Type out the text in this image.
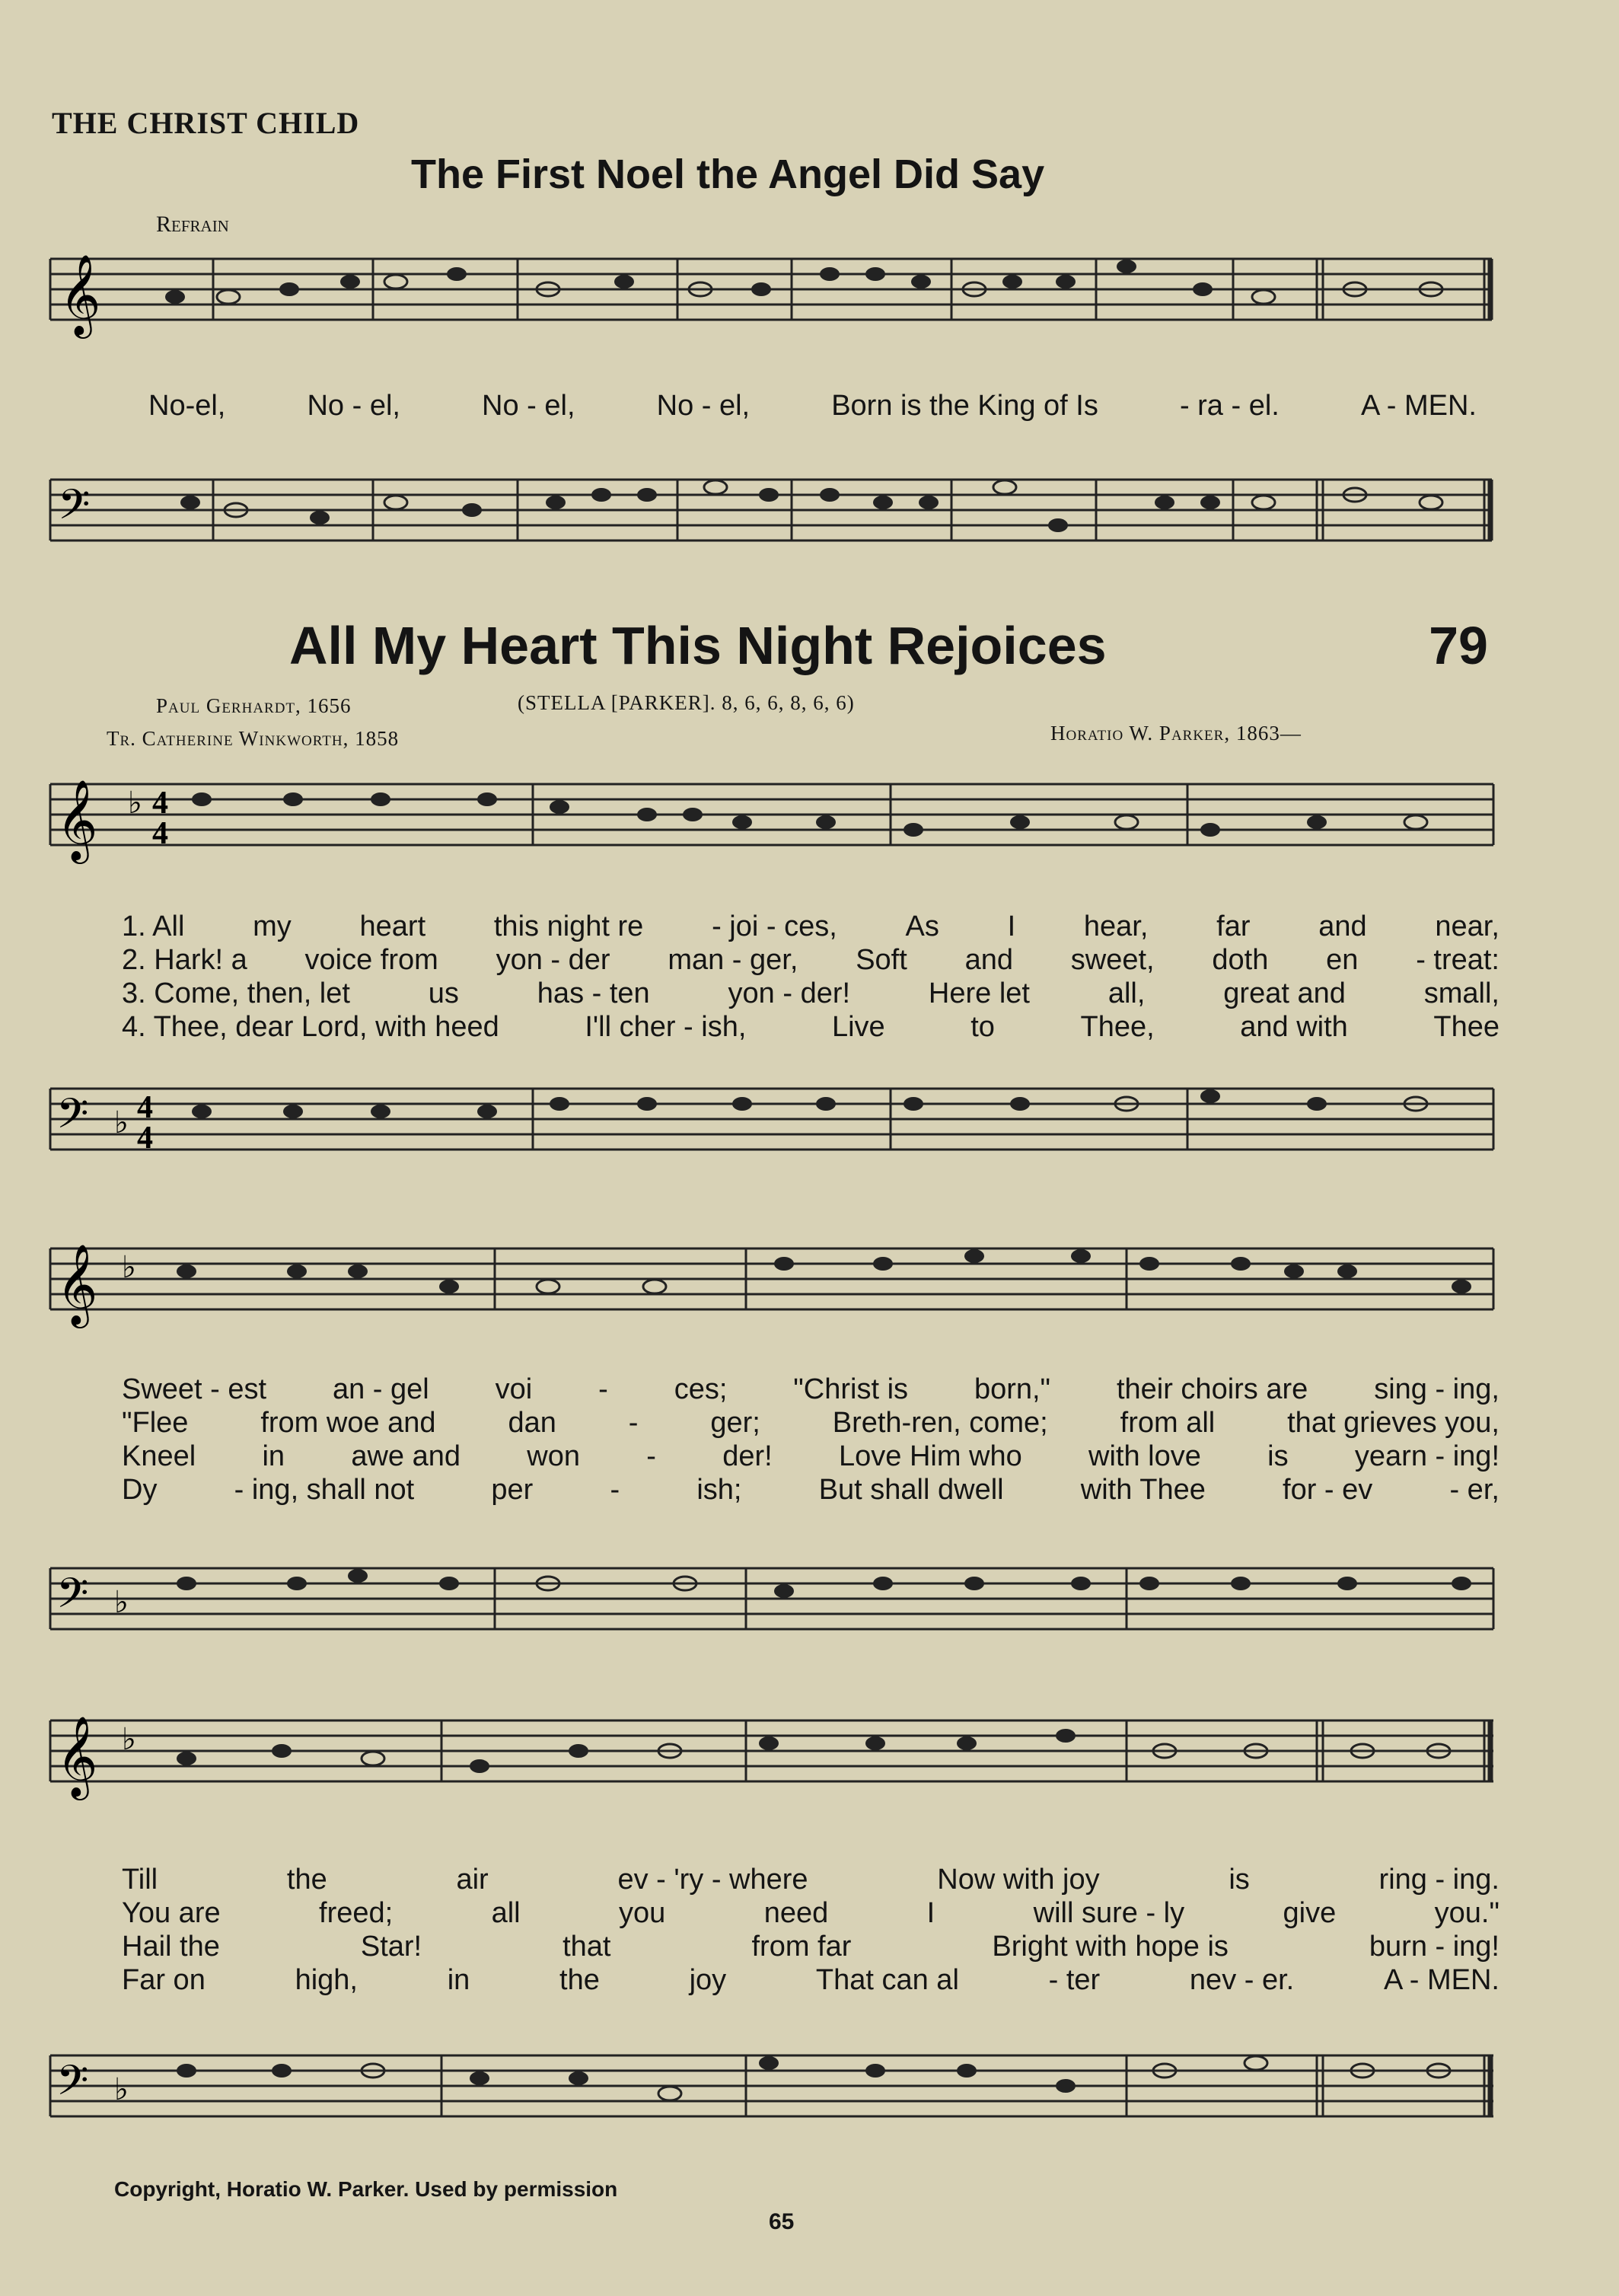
THE CHRIST CHILD
The First Noel the Angel Did Say
Refrain
𝄞
No-el,	No - el,	No - el,	No - el,	Born is the King of Is	- ra - el.	A - MEN.
𝄢
All My Heart This Night Rejoices	79
Paul Gerhardt, 1656	(STELLA [PARKER]. 8, 6, 6, 8, 6, 6)
Tr. Catherine Winkworth, 1858	Horatio W. Parker, 1863—
𝄞 ♭ 4
4
1. All my heart this night re - joi - ces, As I hear, far and near,
2. Hark! a voice from yon - der man - ger, Soft and sweet, doth en - treat:
3. Come, then, let	us	has - ten	yon - der!	Here let	all,	great and	small,
4. Thee, dear Lord, with heed	I'll cher - ish,	Live	to	Thee,	and with	Thee
𝄢 ♭ 4
4
𝄞 ♭
Sweet - est an - gel voi - ces; "Christ is born," their choirs are sing - ing,
"Flee from woe and dan - ger; Breth-ren, come; from all that grieves you,
Kneel in awe and won - der! Love Him who with love is yearn - ing!
Dy	- ing, shall not	per	-	ish;	But shall dwell	with Thee	for - ev	- er,
𝄢 ♭
𝄞 ♭
Till	the	air	ev - 'ry - where	Now with joy	is	ring - ing.
You are	freed;	all	you	need	I	will sure - ly	give	you."
Hail the	Star!	that	from far	Bright with hope is	burn - ing!
Far on	high,	in	the	joy	That can al	- ter	nev - er.	A - MEN.
𝄢 ♭
Copyright, Horatio W. Parker. Used by permission
65
